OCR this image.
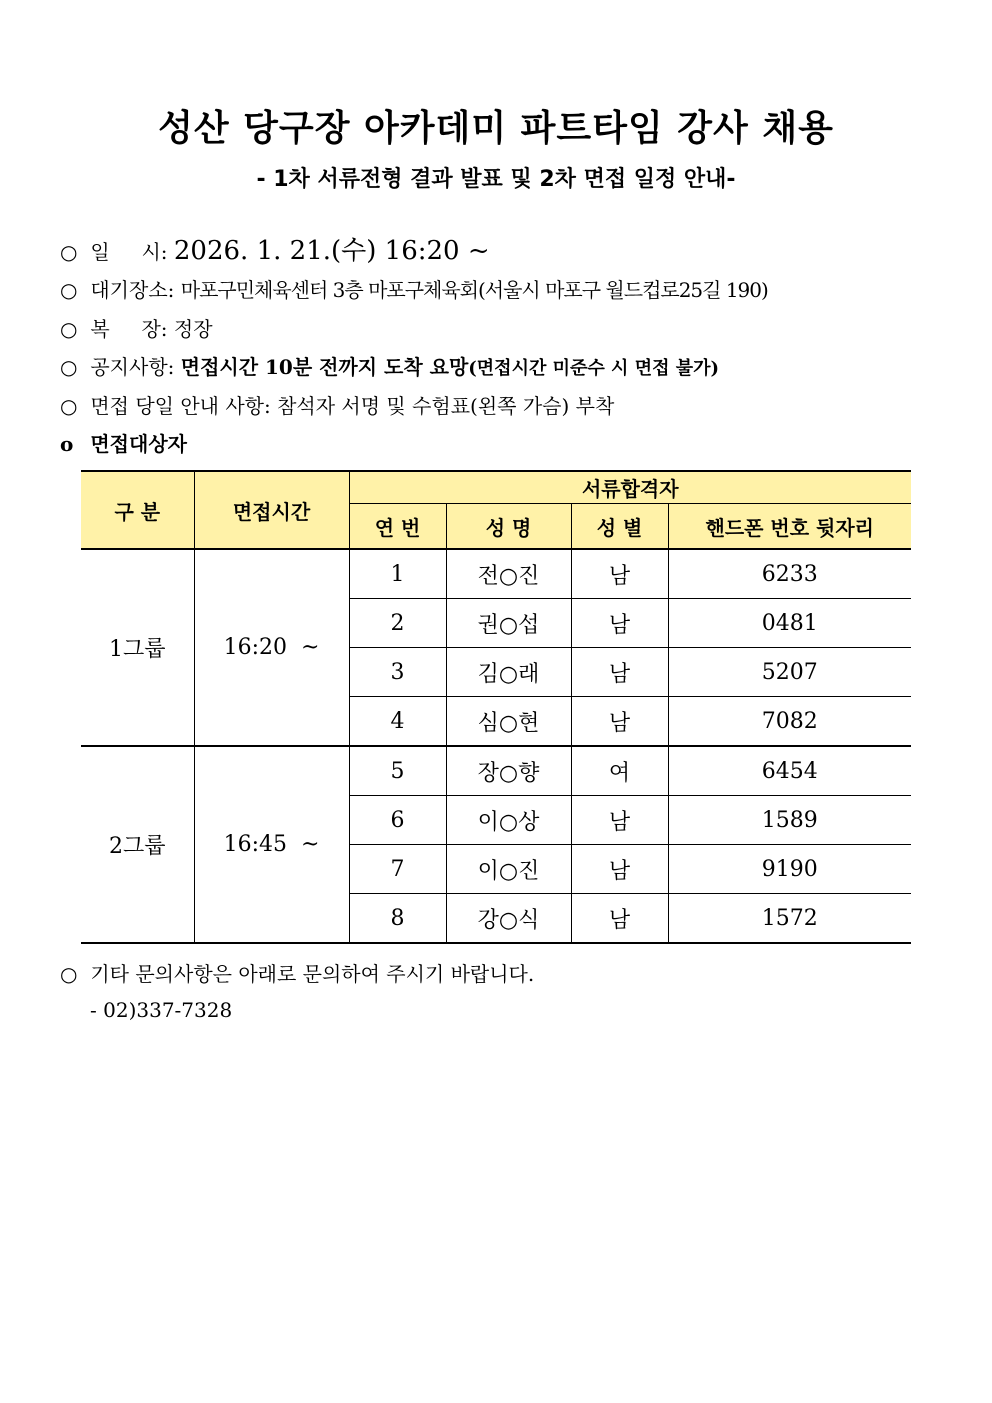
성산 당구장 아카데미 파트타임 강사 채용
- 1차 서류전형 결과 발표 및 2차 면접 일정 안내-
○ 일     시: 2026. 1. 21.(수) 16:20 ~
○ 대기장소: 마포구민체육센터 3층 마포구체육회(서울시 마포구 월드컵로25길 190)
○ 복     장: 정장
○ 공지사항: 면접시간 10분 전까지 도착 요망(면접시간 미준수 시 면접 불가)
○ 면접 당일 안내 사항: 참석자 서명 및 수험표(왼쪽 가슴) 부착
o 면접대상자
구 분	면접시간	서류합격자			
		연 번	성 명	성 별	핸드폰 번호 뒷자리
1그룹	16:20  ~	1	전○진	남	6233
		2	권○섭	남	0481
		3	김○래	남	5207
		4	심○현	남	7082
2그룹	16:45  ~	5	장○향	여	6454
		6	이○상	남	1589
		7	이○진	남	9190
		8	강○식	남	1572
○ 기타 문의사항은 아래로 문의하여 주시기 바랍니다.
- 02)337-7328
